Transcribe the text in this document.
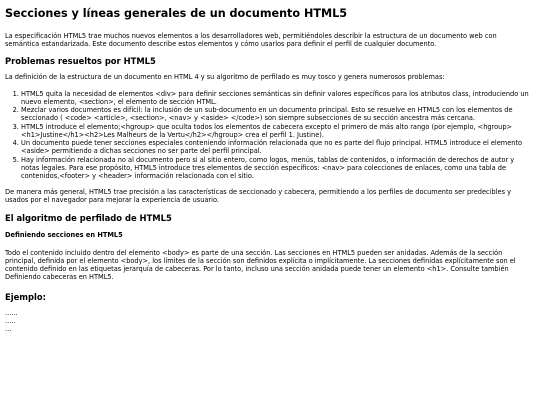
Secciones y líneas generales de un documento HTML5

La especificación HTML5 trae muchos nuevos elementos a los desarrolladores web, permitiéndoles describir la estructura de un documento web con semántica estandarizada. Este documento describe estos elementos y cómo usarlos para definir el perfil de cualquier documento.

Problemas resueltos por HTML5

La definición de la estructura de un documento en HTML 4 y su algoritmo de perfilado es muy tosco y genera numerosos problemas:

1. HTML5 quita la necesidad de elementos <div> para definir secciones semánticas sin definir valores específicos para los atributos class, introduciendo un nuevo elemento, <section>, el elemento de sección HTML.
2. Mezclar varios documentos es difícil: la inclusión de un sub-documento en un documento principal. Esto se resuelve en HTML5 con los elementos de seccionado ( <code> <article>, <section>, <nav> y <aside> </code>) son siempre subsecciones de su sección ancestra más cercana.
3. HTML5 introduce el elemento;<hgroup> que oculta todos los elementos de cabecera excepto el primero de más alto rango (por ejemplo, <hgroup><h1>Justine</h1><h2>Les Malheurs de la Vertu</h2></hgroup> crea el perfil 1. Justine).
4. Un documento puede tener secciones especiales conteniendo información relacionada que no es parte del flujo principal. HTML5 introduce el elemento <aside> permitiendo a dichas secciones no ser parte del perfil principal.
5. Hay información relacionada no al documento pero si al sitio entero, como logos, menús, tablas de contenidos, o información de derechos de autor y notas legales. Para ese propósito, HTML5 introduce tres elementos de sección específicos: <nav> para colecciones de enlaces, como una tabla de contenidos,<footer> y <header> información relacionada con el sitio.

De manera más general, HTML5 trae precisión a las características de seccionado y cabecera, permitiendo a los perfiles de documento ser predecibles y usados por el navegador para mejorar la experiencia de usuario.

El algoritmo de perfilado de HTML5
Definiendo secciones en HTML5

Todo el contenido incluido dentro del elemento <body> es parte de una sección. Las secciones en HTML5 pueden ser anidadas. Además de la sección principal, definida por el elemento <body>, los límites de la sección son definidos explícita o implícitamente. La secciones definidas explícitamente son el contenido definido en las etiquetas jerarquía de cabeceras. Por lo tanto, incluso una sección anidada puede tener un elemento <h1>. Consulte también Definiendo cabeceras en HTML5.

Ejemplo:
......
.....
...
